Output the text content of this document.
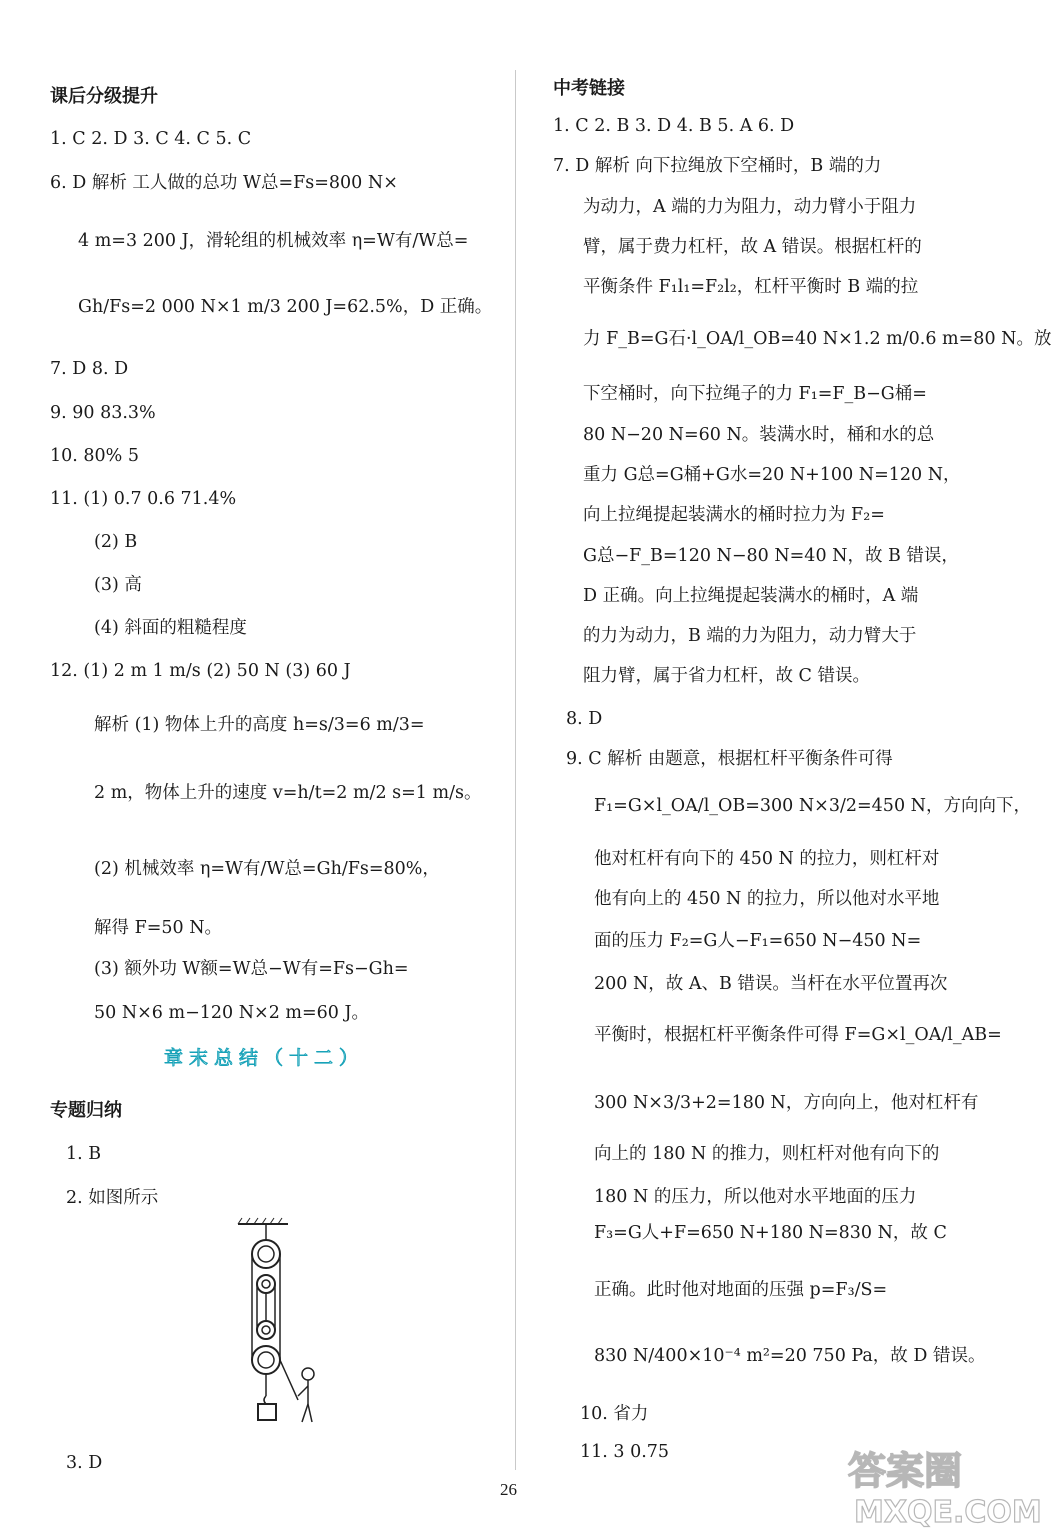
课后分级提升
1. C 2. D 3. C 4. C 5. C
6. D 解析 工人做的总功 W总=Fs=800 N×
4 m=3 200 J，滑轮组的机械效率 η=W有/W总=
Gh/Fs=2 000 N×1 m/3 200 J=62.5%，D 正确。
7. D 8. D
9. 90 83.3%
10. 80% 5
11. (1) 0.7 0.6 71.4%
(2) B
(3) 高
(4) 斜面的粗糙程度
12. (1) 2 m 1 m/s (2) 50 N (3) 60 J
解析 (1) 物体上升的高度 h=s/3=6 m/3=
2 m，物体上升的速度 v=h/t=2 m/2 s=1 m/s。
(2) 机械效率 η=W有/W总=Gh/Fs=80%，
解得 F=50 N。
(3) 额外功 W额=W总−W有=Fs−Gh=
50 N×6 m−120 N×2 m=60 J。
章末总结（十二）
专题归纳
1. B
2. 如图所示
3. D
中考链接
1. C 2. B 3. D 4. B 5. A 6. D
7. D 解析 向下拉绳放下空桶时，B 端的力
为动力，A 端的力为阻力，动力臂小于阻力
臂，属于费力杠杆，故 A 错误。根据杠杆的
平衡条件 F₁l₁=F₂l₂，杠杆平衡时 B 端的拉
力 F_B=G石·l_OA/l_OB=40 N×1.2 m/0.6 m=80 N。放
下空桶时，向下拉绳子的力 F₁=F_B−G桶=
80 N−20 N=60 N。装满水时，桶和水的总
重力 G总=G桶+G水=20 N+100 N=120 N，
向上拉绳提起装满水的桶时拉力为 F₂=
G总−F_B=120 N−80 N=40 N，故 B 错误，
D 正确。向上拉绳提起装满水的桶时，A 端
的力为动力，B 端的力为阻力，动力臂大于
阻力臂，属于省力杠杆，故 C 错误。
8. D
9. C 解析 由题意，根据杠杆平衡条件可得
F₁=G×l_OA/l_OB=300 N×3/2=450 N，方向向下，
他对杠杆有向下的 450 N 的拉力，则杠杆对
他有向上的 450 N 的拉力，所以他对水平地
面的压力 F₂=G人−F₁=650 N−450 N=
200 N，故 A、B 错误。当杆在水平位置再次
平衡时，根据杠杆平衡条件可得 F=G×l_OA/l_AB=
300 N×3/3+2=180 N，方向向上，他对杠杆有
向上的 180 N 的推力，则杠杆对他有向下的
180 N 的压力，所以他对水平地面的压力
F₃=G人+F=650 N+180 N=830 N，故 C
正确。此时他对地面的压强 p=F₃/S=
830 N/400×10⁻⁴ m²=20 750 Pa，故 D 错误。
10. 省力
11. 3 0.75
26	答案圈
MXQE.COM
